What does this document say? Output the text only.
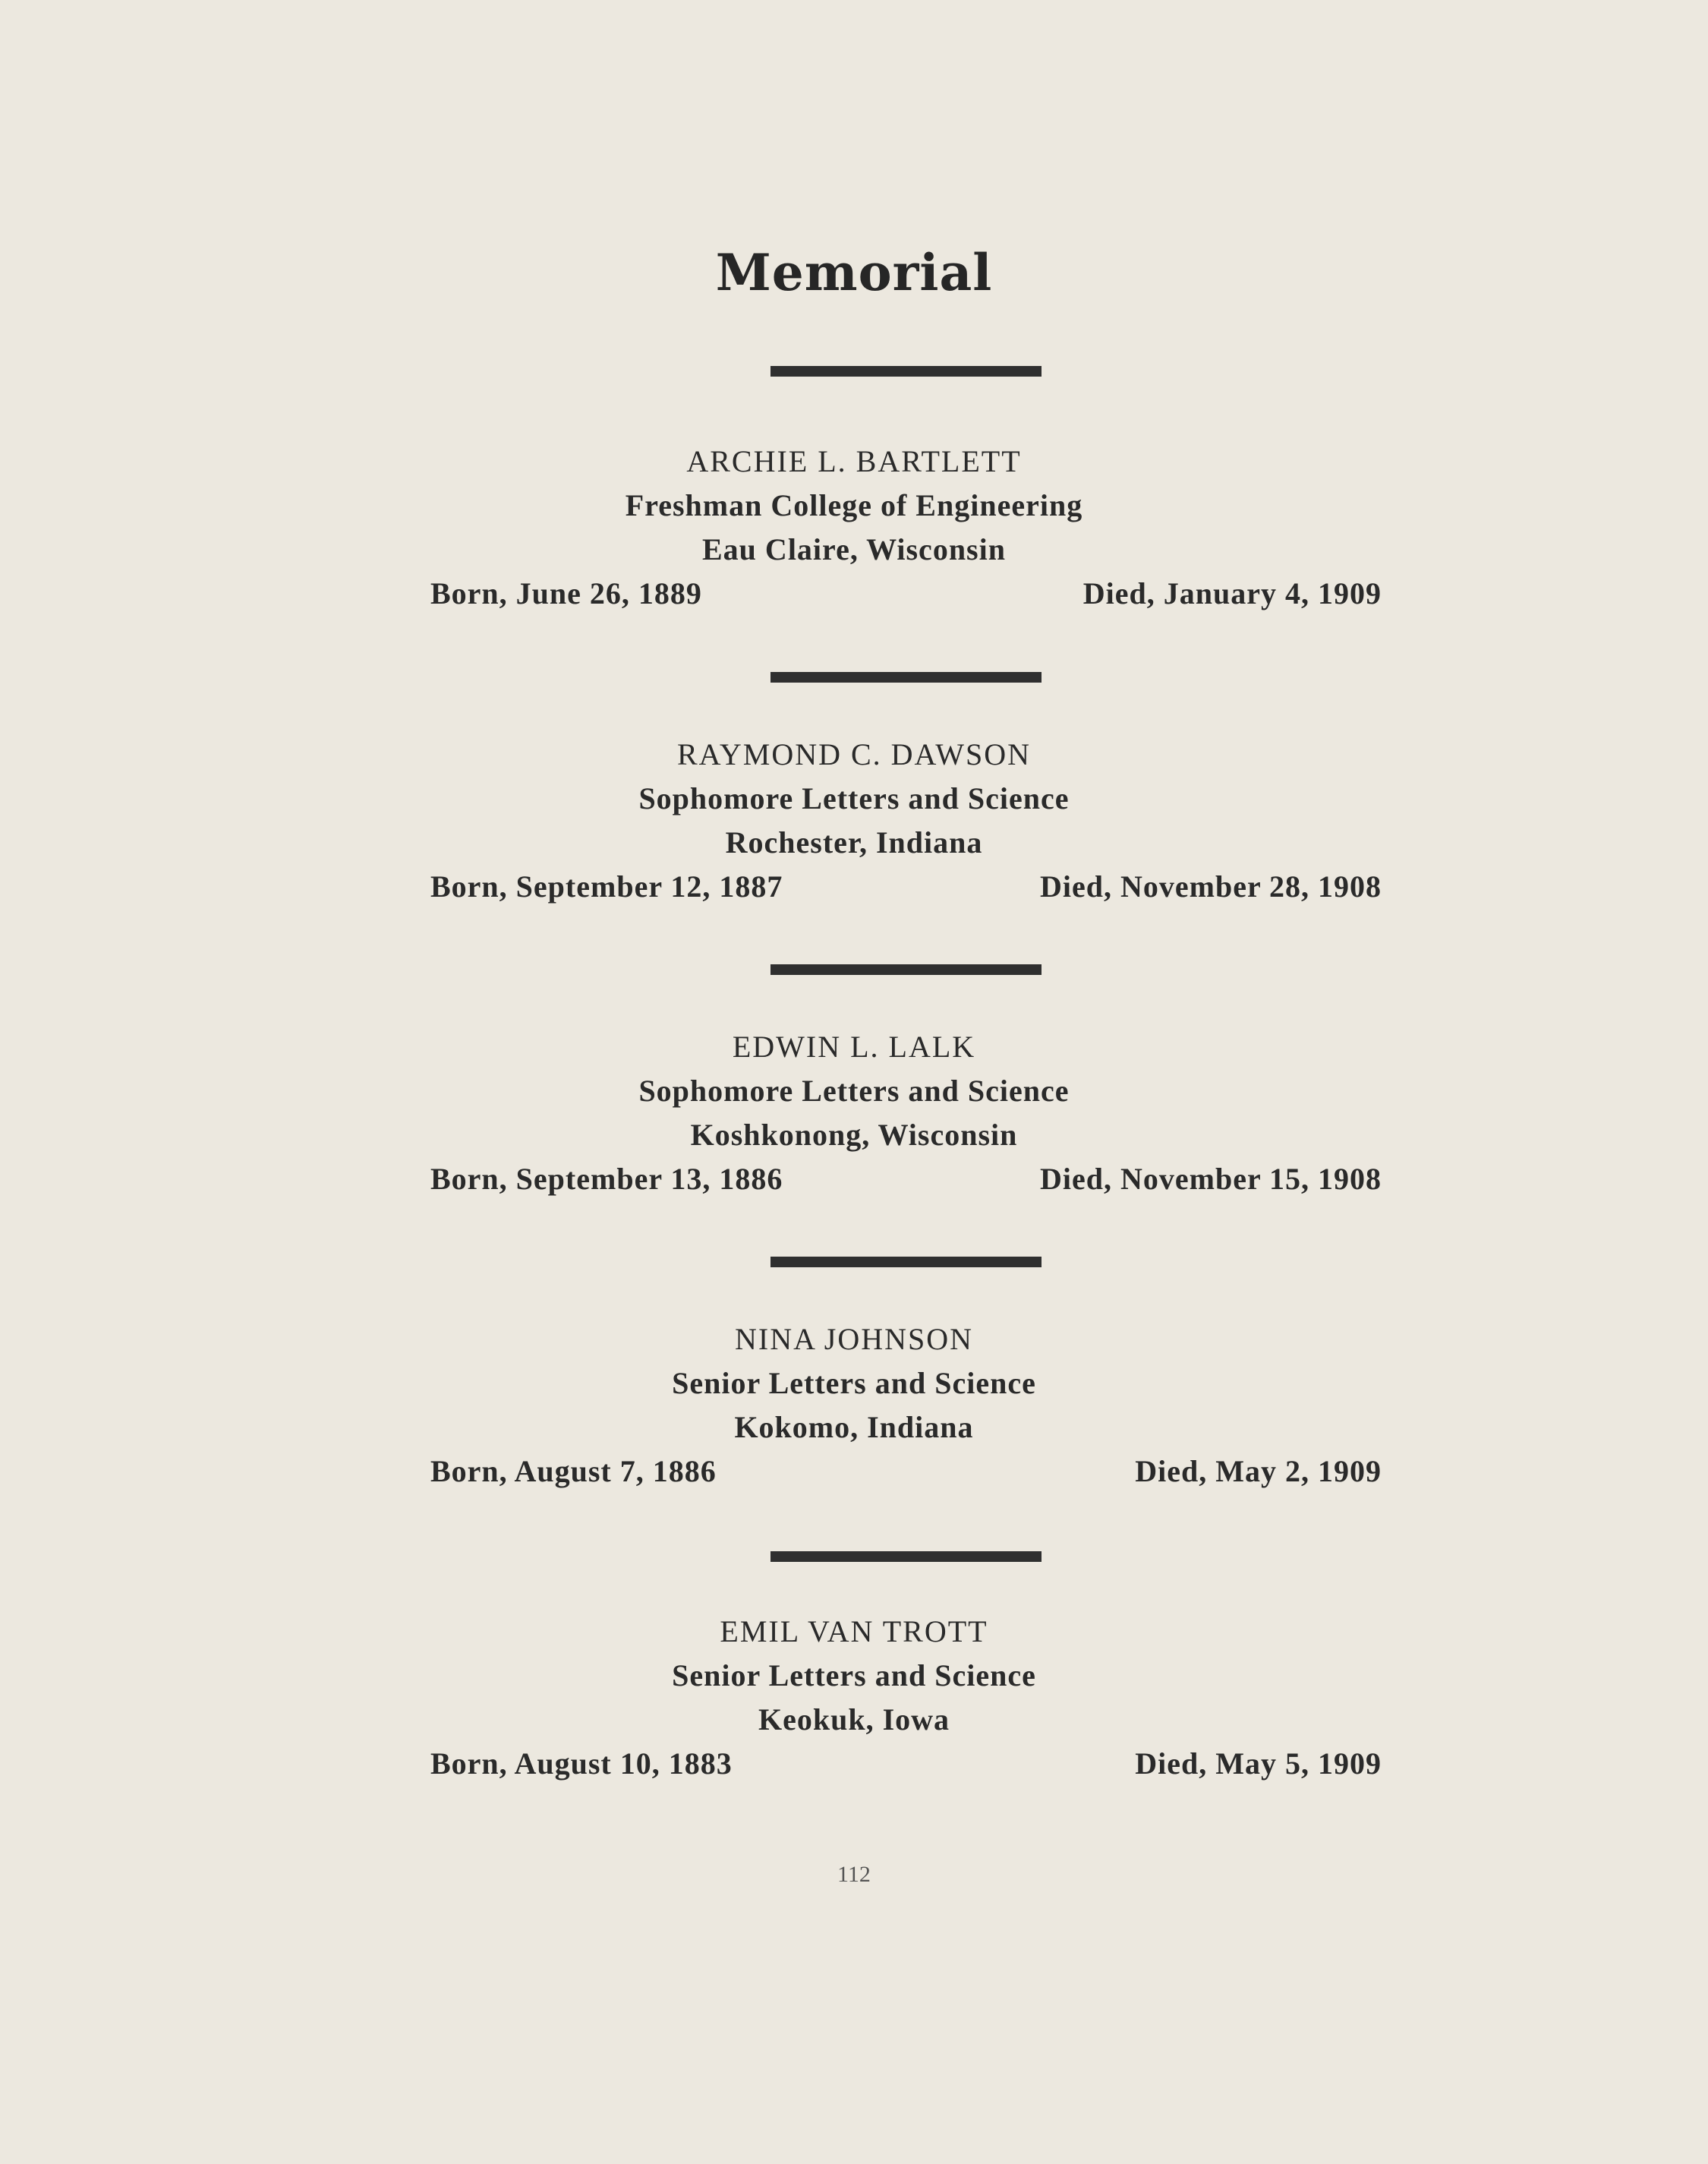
Memorial
ARCHIE L. BARTLETT
Freshman College of Engineering
Eau Claire, Wisconsin
Born, June 26, 1889	Died, January 4, 1909
RAYMOND C. DAWSON
Sophomore Letters and Science
Rochester, Indiana
Born, September 12, 1887	Died, November 28, 1908
EDWIN L. LALK
Sophomore Letters and Science
Koshkonong, Wisconsin
Born, September 13, 1886	Died, November 15, 1908
NINA JOHNSON
Senior Letters and Science
Kokomo, Indiana
Born, August 7, 1886	Died, May 2, 1909
EMIL VAN TROTT
Senior Letters and Science
Keokuk, Iowa
Born, August 10, 1883	Died, May 5, 1909
112
